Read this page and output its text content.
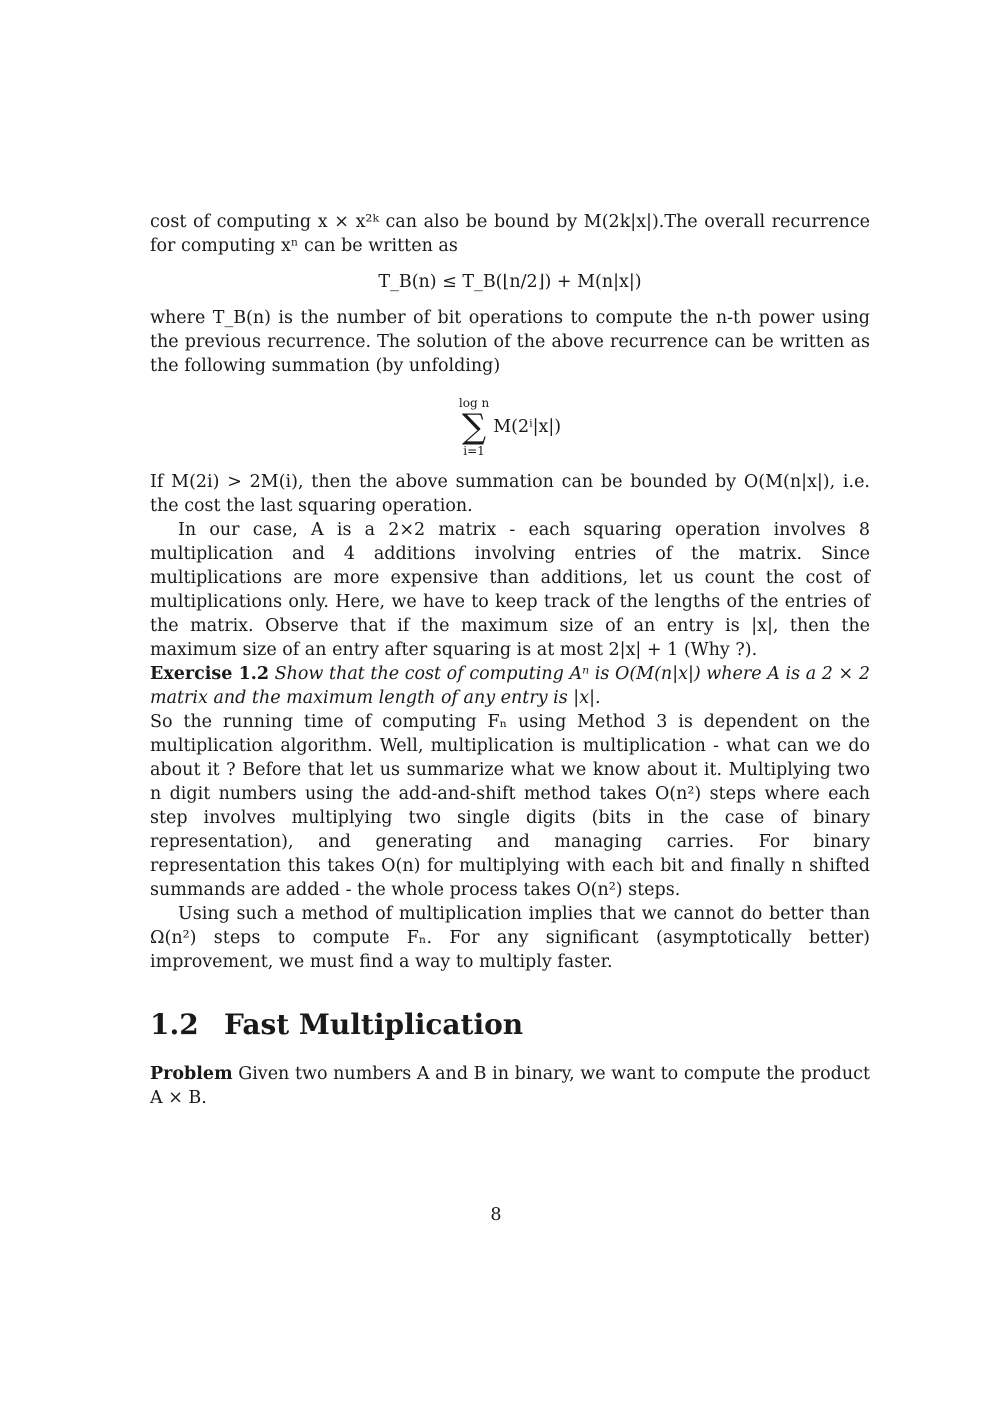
cost of computing x × x²ᵏ can also be bound by M(2k|x|).The overall recurrence for computing xⁿ can be written as

T_B(n) ≤ T_B(⌊n/2⌋) + M(n|x|)

where T_B(n) is the number of bit operations to compute the n-th power using the previous recurrence. The solution of the above recurrence can be written as the following summation (by unfolding)

log n
∑
i=1
M(2ⁱ|x|)

If M(2i) > 2M(i), then the above summation can be bounded by O(M(n|x|), i.e. the cost the last squaring operation.

In our case, A is a 2×2 matrix - each squaring operation involves 8 multiplication and 4 additions involving entries of the matrix. Since multiplications are more expensive than additions, let us count the cost of multiplications only. Here, we have to keep track of the lengths of the entries of the matrix. Observe that if the maximum size of an entry is |x|, then the maximum size of an entry after squaring is at most 2|x| + 1 (Why ?).

Exercise 1.2 Show that the cost of computing Aⁿ is O(M(n|x|) where A is a 2 × 2 matrix and the maximum length of any entry is |x|.

So the running time of computing Fₙ using Method 3 is dependent on the multiplication algorithm. Well, multiplication is multiplication - what can we do about it ? Before that let us summarize what we know about it. Multiplying two n digit numbers using the add-and-shift method takes O(n²) steps where each step involves multiplying two single digits (bits in the case of binary representation), and generating and managing carries. For binary representation this takes O(n) for multiplying with each bit and finally n shifted summands are added - the whole process takes O(n²) steps.

Using such a method of multiplication implies that we cannot do better than Ω(n²) steps to compute Fₙ. For any significant (asymptotically better) improvement, we must find a way to multiply faster.

1.2 Fast Multiplication

Problem Given two numbers A and B in binary, we want to compute the product A × B.

8
